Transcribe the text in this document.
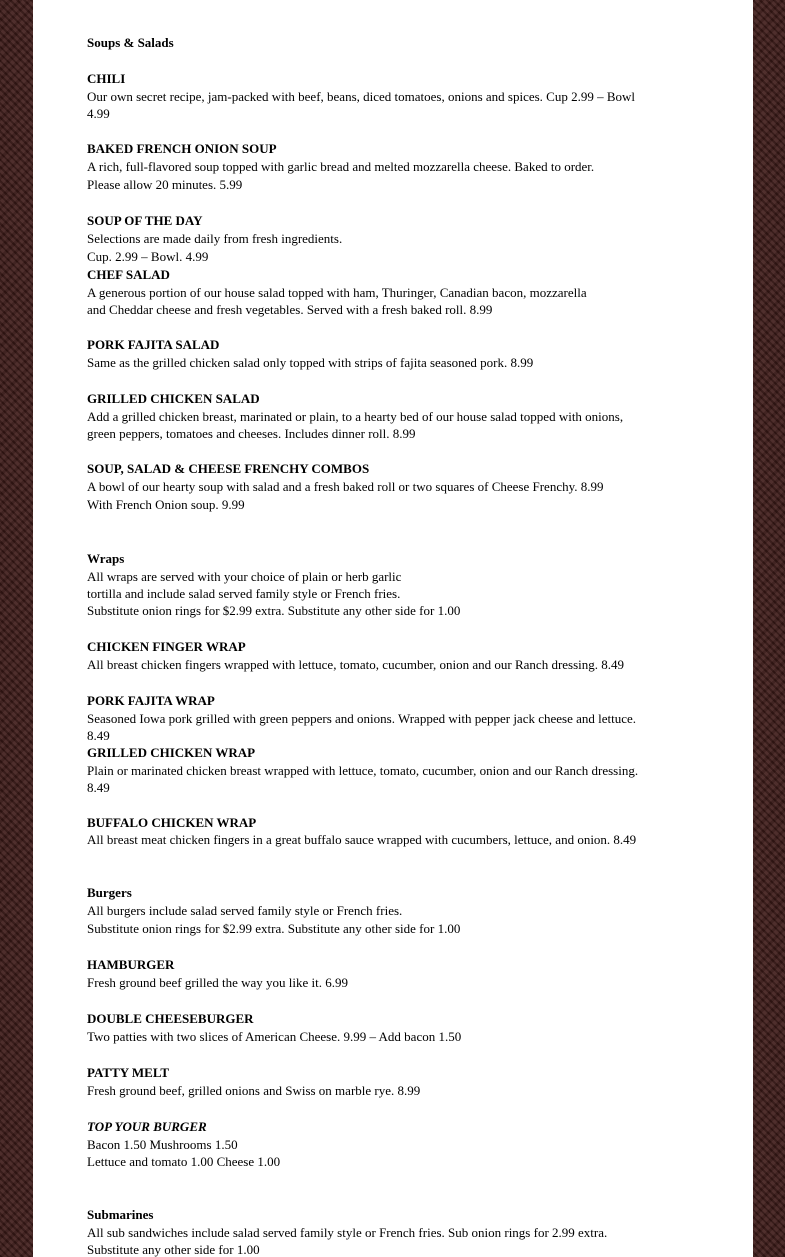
Soups & Salads
CHILI
Our own secret recipe, jam-packed with beef, beans, diced tomatoes, onions and spices. Cup 2.99 – Bowl
4.99
BAKED FRENCH ONION SOUP
A rich, full-flavored soup topped with garlic bread and melted mozzarella cheese. Baked to order.
Please allow 20 minutes. 5.99
SOUP OF THE DAY
Selections are made daily from fresh ingredients.
Cup. 2.99 – Bowl. 4.99
CHEF SALAD
A generous portion of our house salad topped with ham, Thuringer, Canadian bacon, mozzarella
and Cheddar cheese and fresh vegetables. Served with a fresh baked roll. 8.99
PORK FAJITA SALAD
Same as the grilled chicken salad only topped with strips of fajita seasoned pork. 8.99
GRILLED CHICKEN SALAD
Add a grilled chicken breast, marinated or plain, to a hearty bed of our house salad topped with onions,
green peppers, tomatoes and cheeses. Includes dinner roll. 8.99
SOUP, SALAD & CHEESE FRENCHY COMBOS
A bowl of our hearty soup with salad and a fresh baked roll or two squares of Cheese Frenchy. 8.99
With French Onion soup. 9.99
Wraps
All wraps are served with your choice of plain or herb garlic
tortilla and include salad served family style or French fries.
Substitute onion rings for $2.99 extra. Substitute any other side for 1.00
CHICKEN FINGER WRAP
All breast chicken fingers wrapped with lettuce, tomato, cucumber, onion and our Ranch dressing. 8.49
PORK FAJITA WRAP
Seasoned Iowa pork grilled with green peppers and onions. Wrapped with pepper jack cheese and lettuce.
8.49
GRILLED CHICKEN WRAP
Plain or marinated chicken breast wrapped with lettuce, tomato, cucumber, onion and our Ranch dressing.
8.49
BUFFALO CHICKEN WRAP
All breast meat chicken fingers in a great buffalo sauce wrapped with cucumbers, lettuce, and onion. 8.49
Burgers
All burgers include salad served family style or French fries.
Substitute onion rings for $2.99 extra. Substitute any other side for 1.00
HAMBURGER
Fresh ground beef grilled the way you like it. 6.99
DOUBLE CHEESEBURGER
Two patties with two slices of American Cheese. 9.99 – Add bacon 1.50
PATTY MELT
Fresh ground beef, grilled onions and Swiss on marble rye. 8.99
TOP YOUR BURGER
Bacon 1.50 Mushrooms 1.50
Lettuce and tomato 1.00 Cheese 1.00
Submarines
All sub sandwiches include salad served family style or French fries. Sub onion rings for 2.99 extra.
Substitute any other side for 1.00
